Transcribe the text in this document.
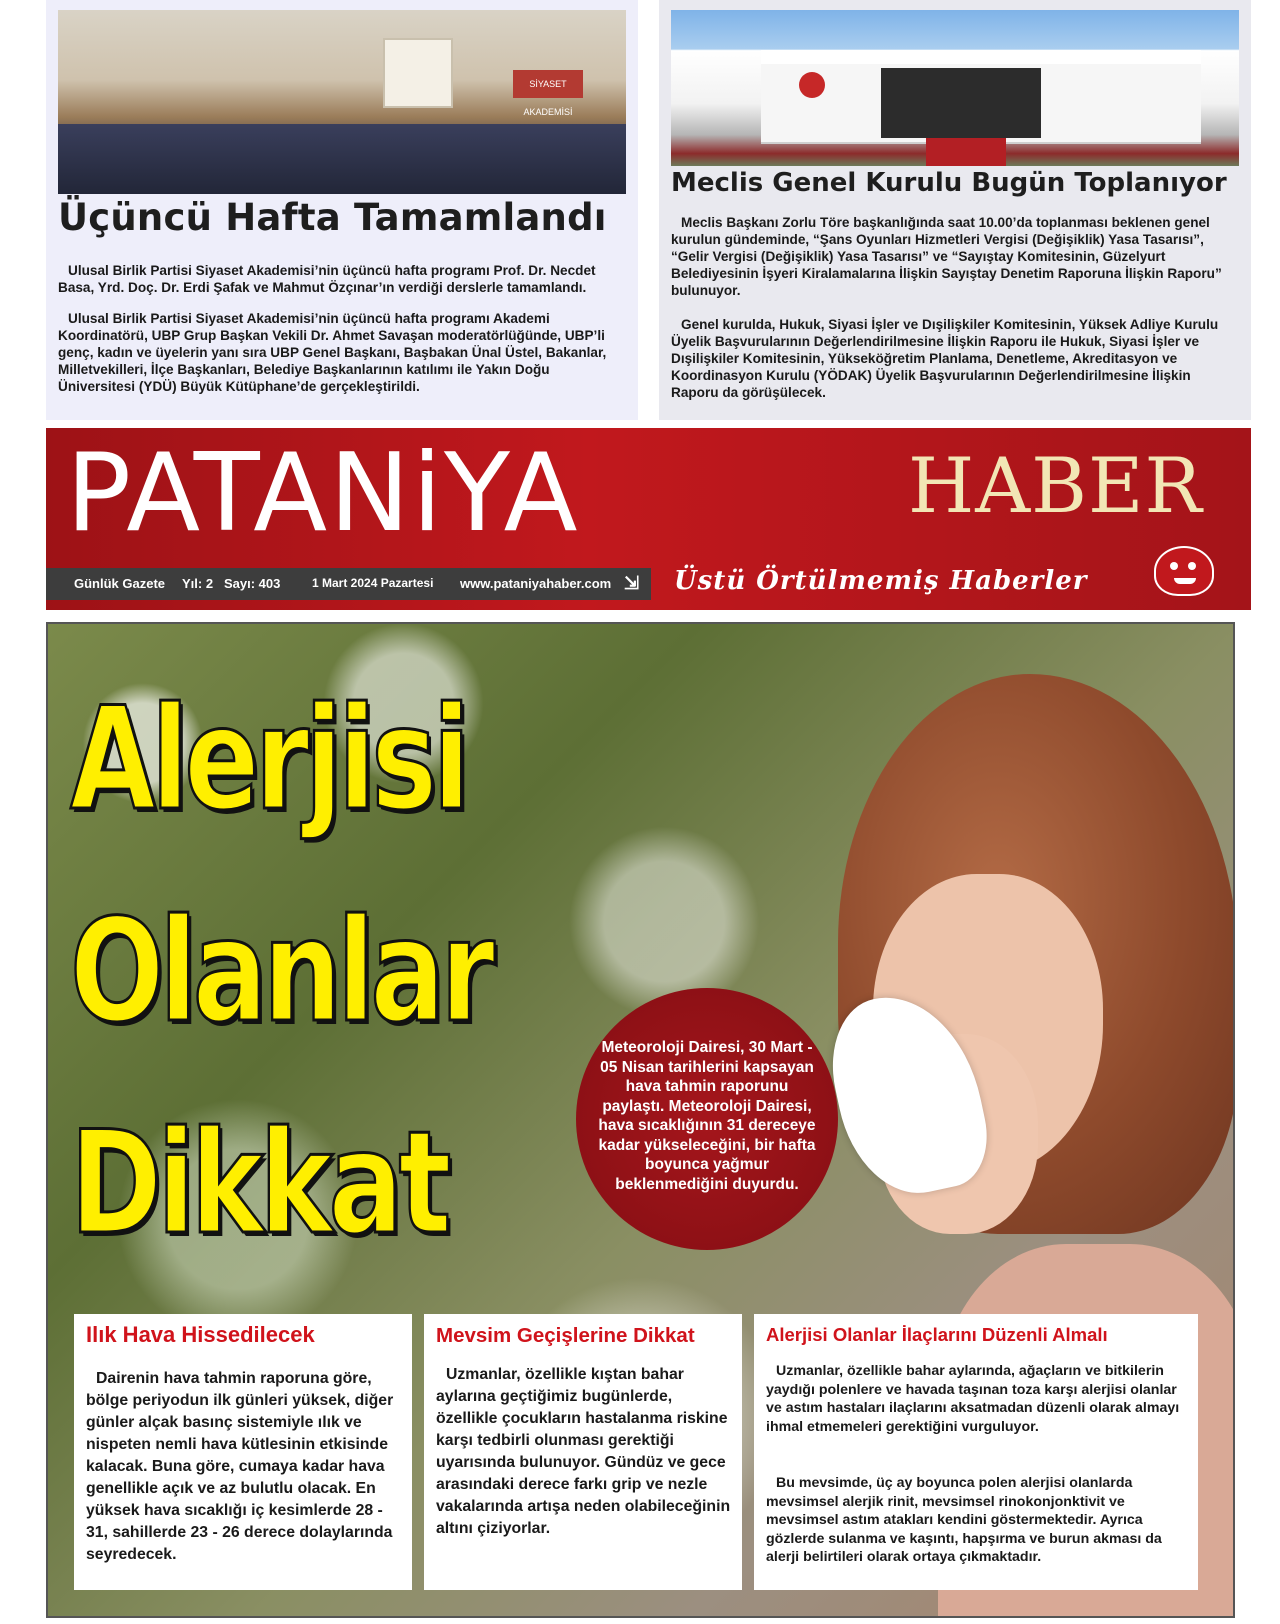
SİYASET AKADEMİSİ
Üçüncü Hafta Tamamlandı

Ulusal Birlik Partisi Siyaset Akademisi’nin üçüncü hafta programı Prof. Dr. Necdet Basa, Yrd. Doç. Dr. Erdi Şafak ve Mahmut Özçınar’ın verdiği derslerle tamamlandı.

Ulusal Birlik Partisi Siyaset Akademisi’nin üçüncü hafta programı Akademi Koordinatörü, UBP Grup Başkan Vekili Dr. Ahmet Savaşan moderatörlüğünde, UBP’li genç, kadın ve üyelerin yanı sıra UBP Genel Başkanı, Başbakan Ünal Üstel, Bakanlar, Milletvekilleri, İlçe Başkanları, Belediye Başkanlarının katılımı ile Yakın Doğu Üniversitesi (YDÜ) Büyük Kütüphane’de gerçekleştirildi.

Meclis Genel Kurulu Bugün Toplanıyor

Meclis Başkanı Zorlu Töre başkanlığında saat 10.00’da toplanması beklenen genel kurulun gündeminde, “Şans Oyunları Hizmetleri Vergisi (Değişiklik) Yasa Tasarısı”, “Gelir Vergisi (Değişiklik) Yasa Tasarısı” ve “Sayıştay Komitesinin, Güzelyurt Belediyesinin İşyeri Kiralamalarına İlişkin Sayıştay Denetim Raporuna İlişkin Raporu” bulunuyor.

Genel kurulda, Hukuk, Siyasi İşler ve Dışilişkiler Komitesinin, Yüksek Adliye Kurulu Üyelik Başvurularının Değerlendirilmesine İlişkin Raporu ile Hukuk, Siyasi İşler ve Dışilişkiler Komitesinin, Yükseköğretim Planlama, Denetleme, Akreditasyon ve Koordinasyon Kurulu (YÖDAK) Üyelik Başvurularının Değerlendirilmesine İlişkin Raporu da görüşülecek.

PATANiYA	HABER
Günlük Gazete Yıl: 2 Sayı: 403	1 Mart 2024 Pazartesi www.pataniyahaber.com ⇲ Üstü Örtülmemiş Haberler
Alerjisi
Olanlar
Dikkat
Meteoroloji Dairesi, 30 Mart - 05 Nisan tarihlerini kapsayan hava tahmin raporunu paylaştı. Meteoroloji Dairesi, hava sıcaklığının 31 dereceye kadar yükseleceğini, bir hafta boyunca yağmur beklenmediğini duyurdu.
Ilık Hava Hissedilecek

Dairenin hava tahmin raporuna göre, bölge periyodun ilk günleri yüksek, diğer günler alçak basınç sistemiyle ılık ve nispeten nemli hava kütlesinin etkisinde kalacak. Buna göre, cumaya kadar hava genellikle açık ve az bulutlu olacak. En yüksek hava sıcaklığı iç kesimlerde 28 - 31, sahillerde 23 - 26 derece dolaylarında seyredecek.

Mevsim Geçişlerine Dikkat

Uzmanlar, özellikle kıştan bahar aylarına geçtiğimiz bugünlerde, özellikle çocukların hastalanma riskine karşı tedbirli olunması gerektiği uyarısında bulunuyor. Gündüz ve gece arasındaki derece farkı grip ve nezle vakalarında artışa neden olabileceğinin altını çiziyorlar.

Alerjisi Olanlar İlaçlarını Düzenli Almalı

Uzmanlar, özellikle bahar aylarında, ağaçların ve bitkilerin yaydığı polenlere ve havada taşınan toza karşı alerjisi olanlar ve astım hastaları ilaçlarını aksatmadan düzenli olarak almayı ihmal etmemeleri gerektiğini vurguluyor.

Bu mevsimde, üç ay boyunca polen alerjisi olanlarda mevsimsel alerjik rinit, mevsimsel rinokonjonktivit ve mevsimsel astım atakları kendini göstermektedir. Ayrıca gözlerde sulanma ve kaşıntı, hapşırma ve burun akması da alerji belirtileri olarak ortaya çıkmaktadır.
